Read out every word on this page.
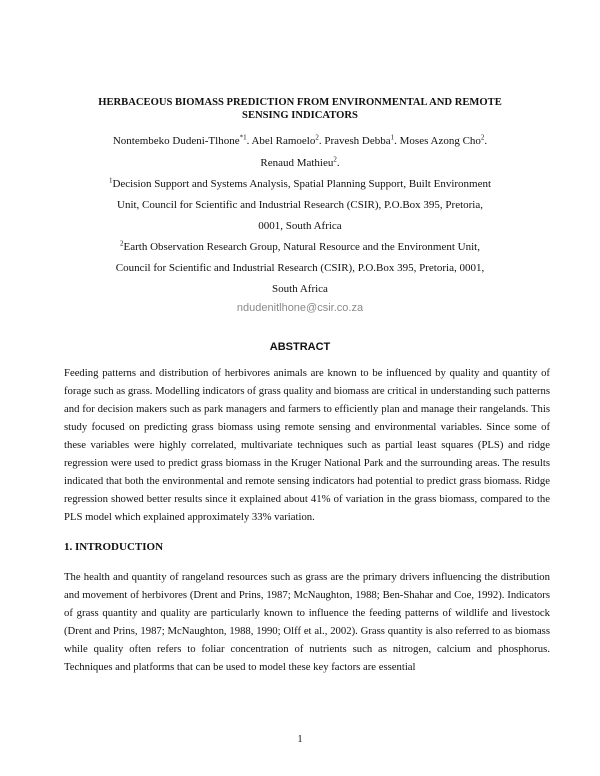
HERBACEOUS BIOMASS PREDICTION FROM ENVIRONMENTAL AND REMOTE
SENSING INDICATORS
Nontembeko Dudeni-Tlhone$^{*1}$. Abel Ramoelo$^2$. Pravesh Debba$^1$. Moses Azong Cho$^2$.
Renaud Mathieu$^2$.
$^1$Decision Support and Systems Analysis, Spatial Planning Support, Built Environment
Unit, Council for Scientific and Industrial Research (CSIR), P.O.Box 395, Pretoria,
0001, South Africa
$^2$Earth Observation Research Group, Natural Resource and the Environment Unit,
Council for Scientific and Industrial Research (CSIR), P.O.Box 395, Pretoria, 0001,
South Africa
ndudenitlhone@csir.co.za
ABSTRACT
Feeding patterns and distribution of herbivores animals are known to be influenced by quality and quantity of forage such as grass. Modelling indicators of grass quality and biomass are critical in understanding such patterns and for decision makers such as park managers and farmers to efficiently plan and manage their rangelands. This study focused on predicting grass biomass using remote sensing and environmental variables. Since some of these variables were highly correlated, multivariate techniques such as partial least squares (PLS) and ridge regression were used to predict grass biomass in the Kruger National Park and the surrounding areas. The results indicated that both the environmental and remote sensing indicators had potential to predict grass biomass. Ridge regression showed better results since it explained about 41% of variation in the grass biomass, compared to the PLS model which explained approximately 33% variation.
1. INTRODUCTION
The health and quantity of rangeland resources such as grass are the primary drivers influencing the distribution and movement of herbivores (Drent and Prins, 1987; McNaughton, 1988; Ben-Shahar and Coe, 1992). Indicators of grass quantity and quality are particularly known to influence the feeding patterns of wildlife and livestock (Drent and Prins, 1987; McNaughton, 1988, 1990; Olff et al., 2002). Grass quantity is also referred to as biomass while quality often refers to foliar concentration of nutrients such as nitrogen, calcium and phosphorus. Techniques and platforms that can be used to model these key factors are essential
1
